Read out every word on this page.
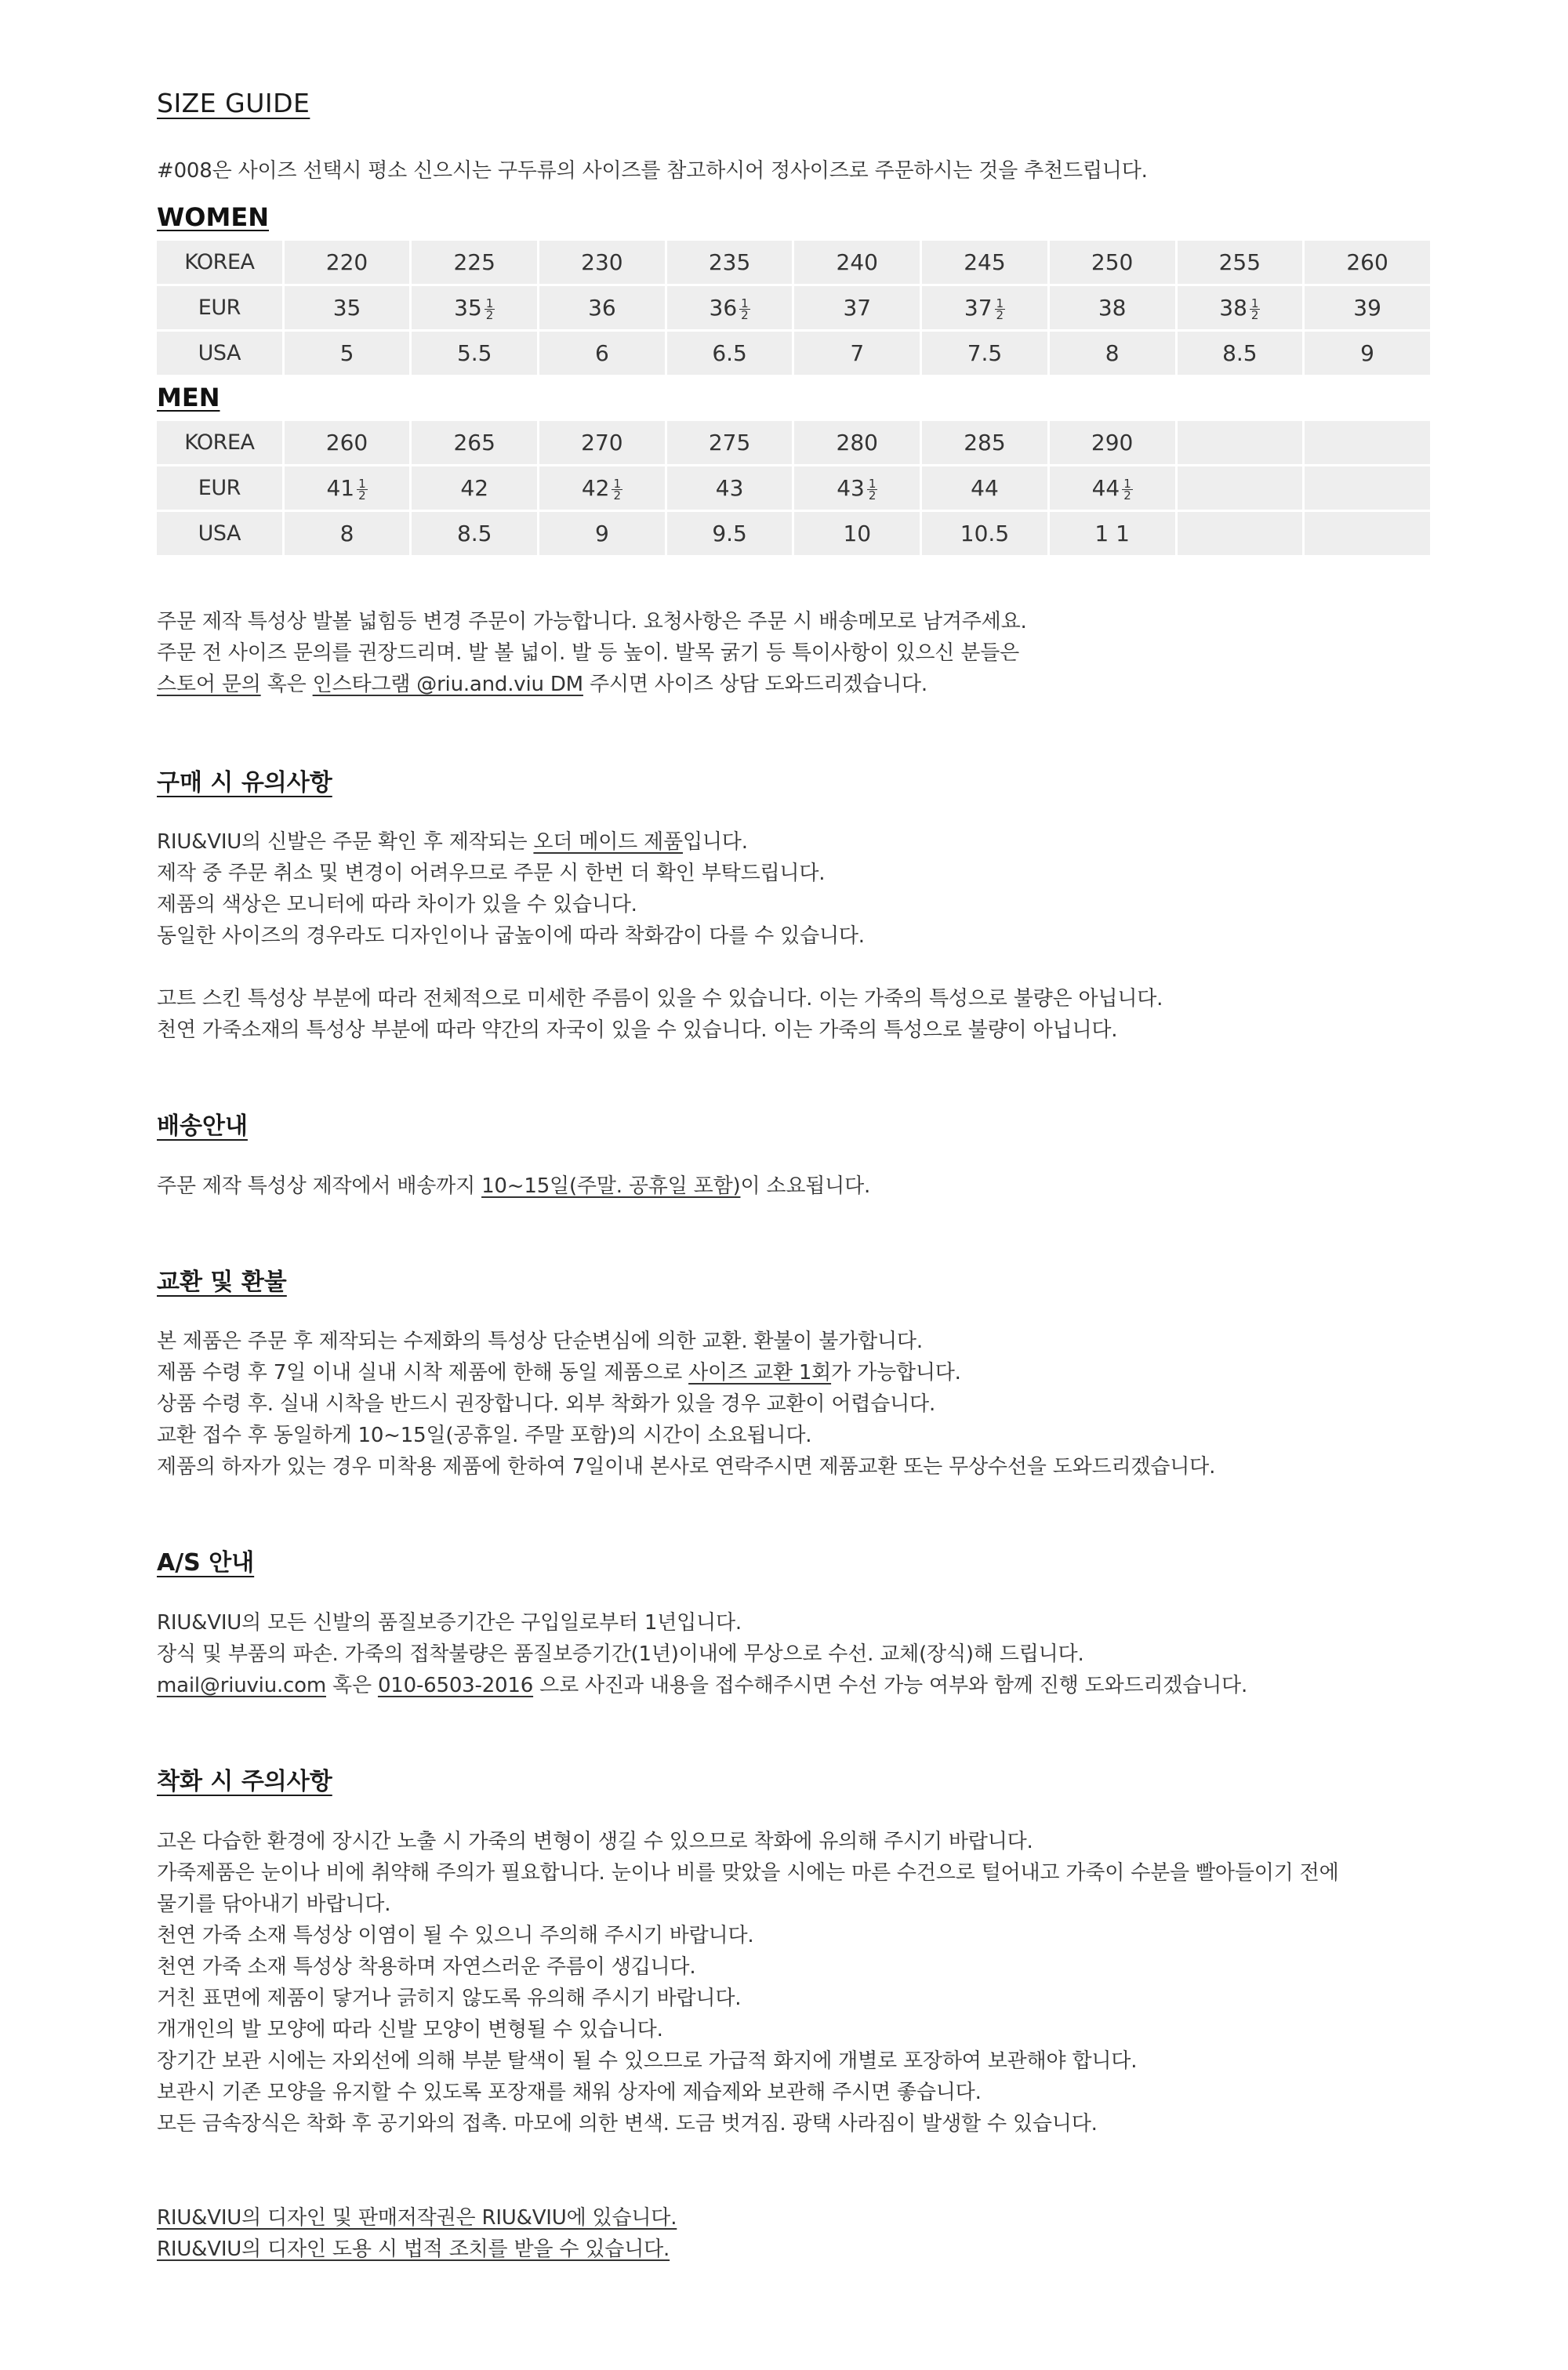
SIZE GUIDE
#008은 사이즈 선택시 평소 신으시는 구두류의 사이즈를 참고하시어 정사이즈로 주문하시는 것을 추천드립니다.
WOMEN
KOREA	220	225	230	235	240	245	250	255	260
EUR	35	$35 \frac{1}{2}$	36	$36 \frac{1}{2}$	37	$37 \frac{1}{2}$	38	$38 \frac{1}{2}$	39
USA	5	5.5	6	6.5	7	7.5	8	8.5	9
MEN
KOREA	260	265	270	275	280	285	290		
EUR	$41 \frac{1}{2}$	42	$42 \frac{1}{2}$	43	$43 \frac{1}{2}$	44	$44 \frac{1}{2}$

USA	8	8.5	9	9.5	10	10.5	1 1		
주문 제작 특성상 발볼 넓힘등 변경 주문이 가능합니다. 요청사항은 주문 시 배송메모로 남겨주세요.
주문 전 사이즈 문의를 권장드리며. 발 볼 넓이. 발 등 높이. 발목 굵기 등 특이사항이 있으신 분들은
스토어 문의 혹은 인스타그램 @riu.and.viu DM 주시면 사이즈 상담 도와드리겠습니다.
구매 시 유의사항
RIU&VIU의 신발은 주문 확인 후 제작되는 오더 메이드 제품입니다.
제작 중 주문 취소 및 변경이 어려우므로 주문 시 한번 더 확인 부탁드립니다.
제품의 색상은 모니터에 따라 차이가 있을 수 있습니다.
동일한 사이즈의 경우라도 디자인이나 굽높이에 따라 착화감이 다를 수 있습니다.
고트 스킨 특성상 부분에 따라 전체적으로 미세한 주름이 있을 수 있습니다. 이는 가죽의 특성으로 불량은 아닙니다.
천연 가죽소재의 특성상 부분에 따라 약간의 자국이 있을 수 있습니다. 이는 가죽의 특성으로 불량이 아닙니다.
배송안내
주문 제작 특성상 제작에서 배송까지 10~15일(주말. 공휴일 포함)이 소요됩니다.
교환 및 환불
본 제품은 주문 후 제작되는 수제화의 특성상 단순변심에 의한 교환. 환불이 불가합니다.
제품 수령 후 7일 이내 실내 시착 제품에 한해 동일 제품으로 사이즈 교환 1회가 가능합니다.
상품 수령 후. 실내 시착을 반드시 권장합니다. 외부 착화가 있을 경우 교환이 어렵습니다.
교환 접수 후 동일하게 10~15일(공휴일. 주말 포함)의 시간이 소요됩니다.
제품의 하자가 있는 경우 미착용 제품에 한하여 7일이내 본사로 연락주시면 제품교환 또는 무상수선을 도와드리겠습니다.
A/S 안내
RIU&VIU의 모든 신발의 품질보증기간은 구입일로부터 1년입니다.
장식 및 부품의 파손. 가죽의 접착불량은 품질보증기간(1년)이내에 무상으로 수선. 교체(장식)해 드립니다.
mail@riuviu.com 혹은 010-6503-2016 으로 사진과 내용을 접수해주시면 수선 가능 여부와 함께 진행 도와드리겠습니다.
착화 시 주의사항
고온 다습한 환경에 장시간 노출 시 가죽의 변형이 생길 수 있으므로 착화에 유의해 주시기 바랍니다.
가죽제품은 눈이나 비에 취약해 주의가 필요합니다. 눈이나 비를 맞았을 시에는 마른 수건으로 털어내고 가죽이 수분을 빨아들이기 전에
물기를 닦아내기 바랍니다.
천연 가죽 소재 특성상 이염이 될 수 있으니 주의해 주시기 바랍니다.
천연 가죽 소재 특성상 착용하며 자연스러운 주름이 생깁니다.
거친 표면에 제품이 닿거나 긁히지 않도록 유의해 주시기 바랍니다.
개개인의 발 모양에 따라 신발 모양이 변형될 수 있습니다.
장기간 보관 시에는 자외선에 의해 부분 탈색이 될 수 있으므로 가급적 화지에 개별로 포장하여 보관해야 합니다.
보관시 기존 모양을 유지할 수 있도록 포장재를 채워 상자에 제습제와 보관해 주시면 좋습니다.
모든 금속장식은 착화 후 공기와의 접촉. 마모에 의한 변색. 도금 벗겨짐. 광택 사라짐이 발생할 수 있습니다.
RIU&VIU의 디자인 및 판매저작권은 RIU&VIU에 있습니다.
RIU&VIU의 디자인 도용 시 법적 조치를 받을 수 있습니다.
